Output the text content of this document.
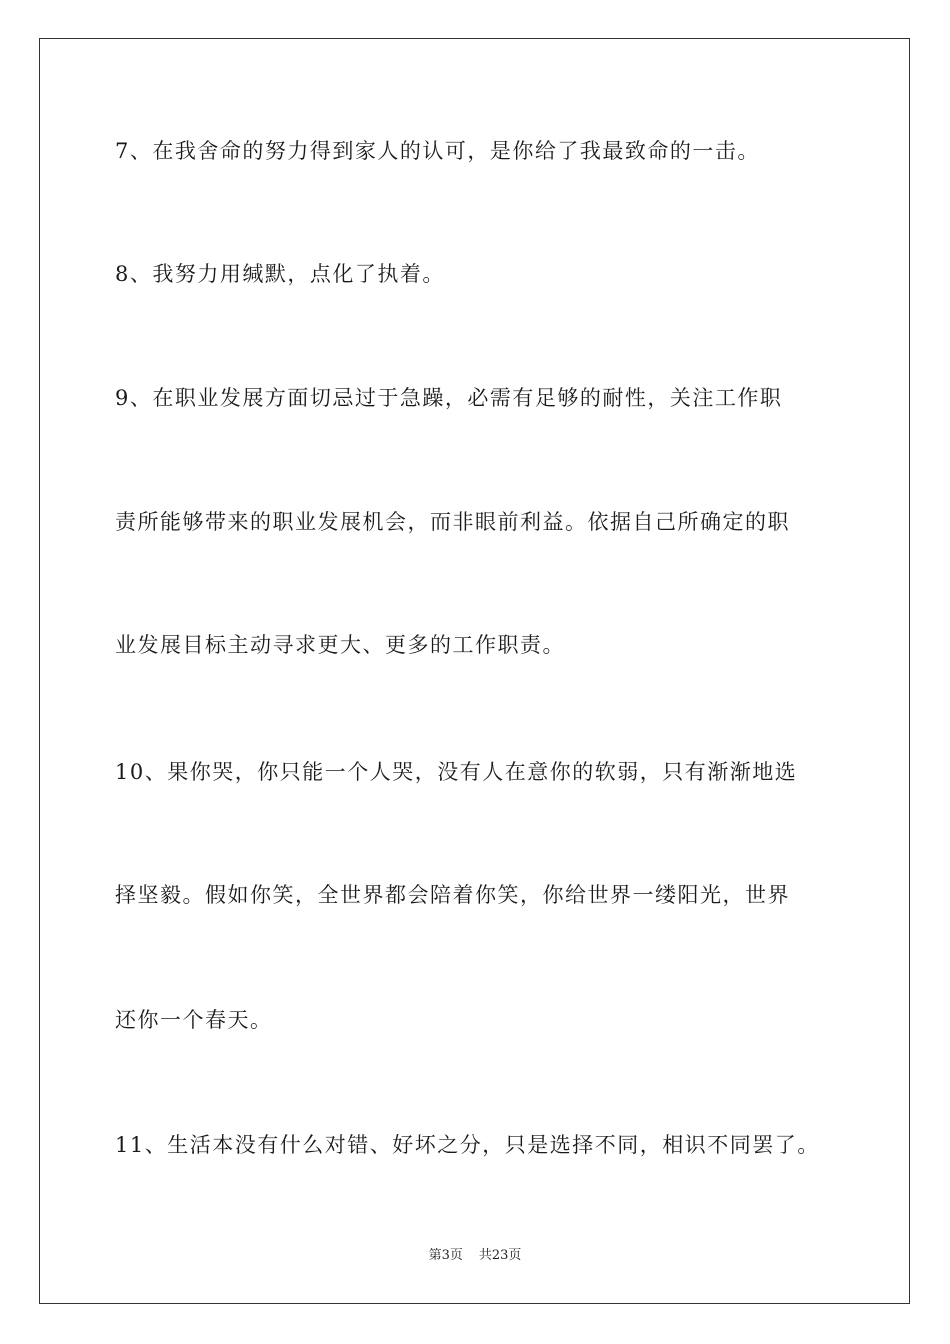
7、在我舍命的努力得到家人的认可，是你给了我最致命的一击。
8、我努力用缄默，点化了执着。
9、在职业发展方面切忌过于急躁，必需有足够的耐性，关注工作职
责所能够带来的职业发展机会，而非眼前利益。依据自己所确定的职
业发展目标主动寻求更大、更多的工作职责。
10、果你哭，你只能一个人哭，没有人在意你的软弱，只有渐渐地选
择坚毅。假如你笑，全世界都会陪着你笑，你给世界一缕阳光，世界
还你一个春天。
11、生活本没有什么对错、好坏之分，只是选择不同，相识不同罢了。
第3页 共23页
